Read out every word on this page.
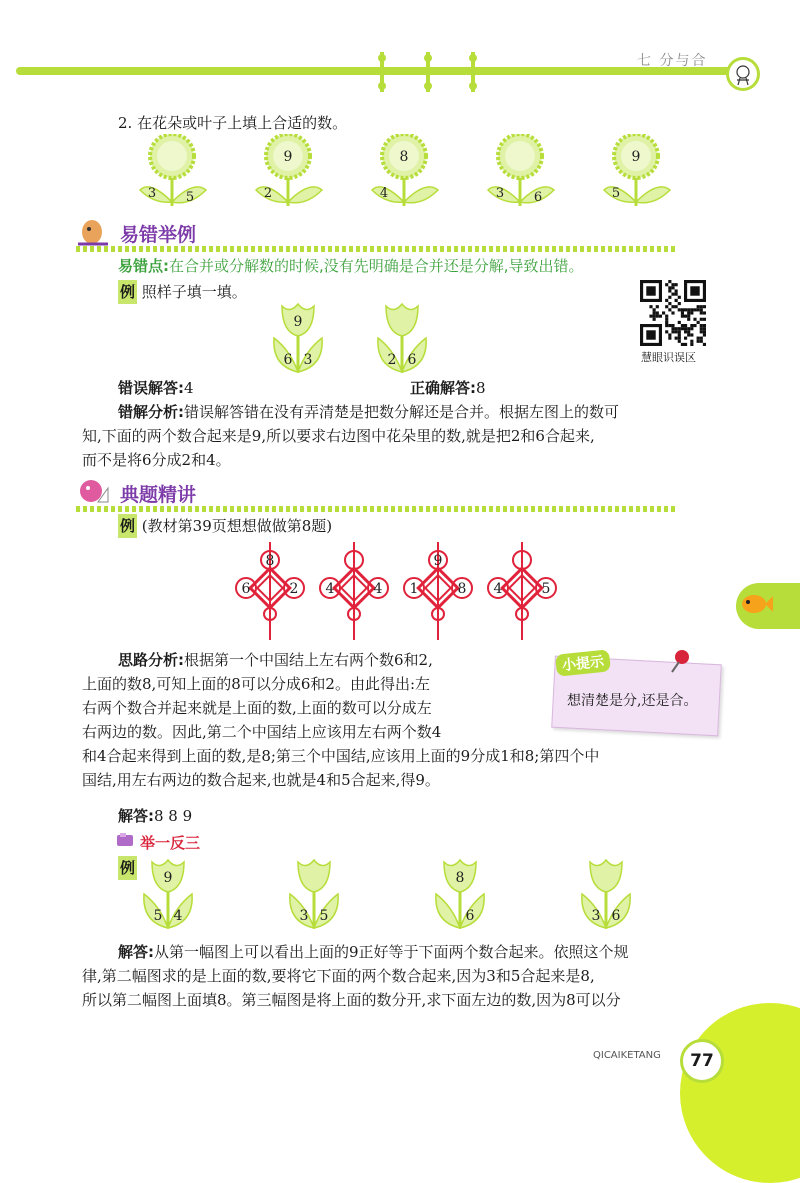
七 分与合
2. 在花朵或叶子上填上合适的数。
3 5
9
2
8
4	3 6
9
5
易错举例
易错点:在合并或分解数的时候,没有先明确是合并还是分解,导致出错。
例 照样子填一填。
慧眼识误区
9
6 3	2 6
错误解答:4	正确解答:8
错解分析:错误解答错在没有弄清楚是把数分解还是合并。根据左图上的数可
知,下面的两个数合起来是9,所以要求右边图中花朵里的数,就是把2和6合起来,
而不是将6分成2和4。
典题精讲
例 (教材第39页想想做做第8题)
8
6	2 4	4
9
1	8 4	5
小提示
想清楚是分,还是合。
思路分析:根据第一个中国结上左右两个数6和2,
上面的数8,可知上面的8可以分成6和2。由此得出:左
右两个数合并起来就是上面的数,上面的数可以分成左
右两边的数。因此,第二个中国结上应该用左右两个数4
和4合起来得到上面的数,是8;第三个中国结,应该用上面的9分成1和8;第四个中
国结,用左右两边的数合起来,也就是4和5合起来,得9。
解答:8 8 9
举一反三
例
9
5 4	3 5
8
6	3 6
解答:从第一幅图上可以看出上面的9正好等于下面两个数合起来。依照这个规
律,第二幅图求的是上面的数,要将它下面的两个数合起来,因为3和5合起来是8,
所以第二幅图上面填8。第三幅图是将上面的数分开,求下面左边的数,因为8可以分
QICAIKETANG	77
